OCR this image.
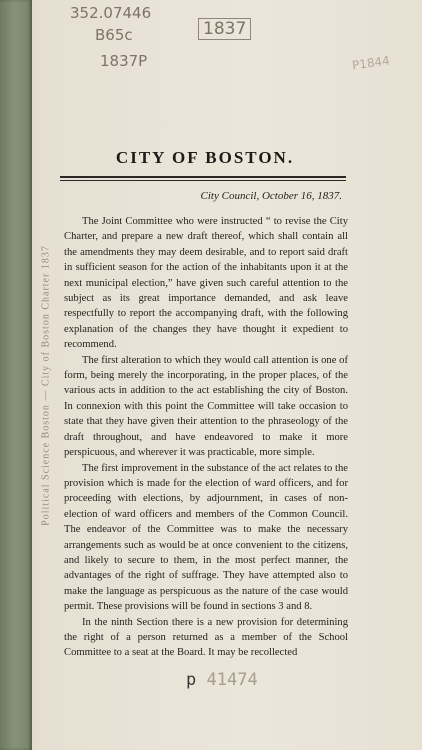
Political Science Boston — City of Boston Charter 1837
352.07446
B65c
1837P
1837
P1844
CITY OF BOSTON.
City Council, October 16, 1837.

The Joint Committee who were instructed “ to revise the City Charter, and prepare a new draft thereof, which shall contain all the amendments they may deem desirable, and to report said draft in sufficient season for the action of the inhabitants upon it at the next municipal election,” have given such careful attention to the subject as its great importance demanded, and ask leave respectfully to report the accompanying draft, with the following explanation of the changes they have thought it expedient to recommend.

The first alteration to which they would call attention is one of form, being merely the incorporating, in the proper places, of the various acts in addition to the act establishing the city of Boston. In connexion with this point the Committee will take occasion to state that they have given their attention to the phraseology of the draft throughout, and have endeavored to make it more perspicuous, and wherever it was practicable, more simple.

The first improvement in the substance of the act relates to the provision which is made for the election of ward officers, and for proceeding with elections, by adjournment, in cases of non-election of ward officers and members of the Common Council. The endeavor of the Committee was to make the necessary arrangements such as would be at once convenient to the citizens, and likely to secure to them, in the most perfect manner, the advantages of the right of suffrage. They have attempted also to make the language as perspicuous as the nature of the case would permit. These provisions will be found in sections 3 and 8.

In the ninth Section there is a new provision for determining the right of a person returned as a member of the School Committee to a seat at the Board. It may be recollected

p 41474
